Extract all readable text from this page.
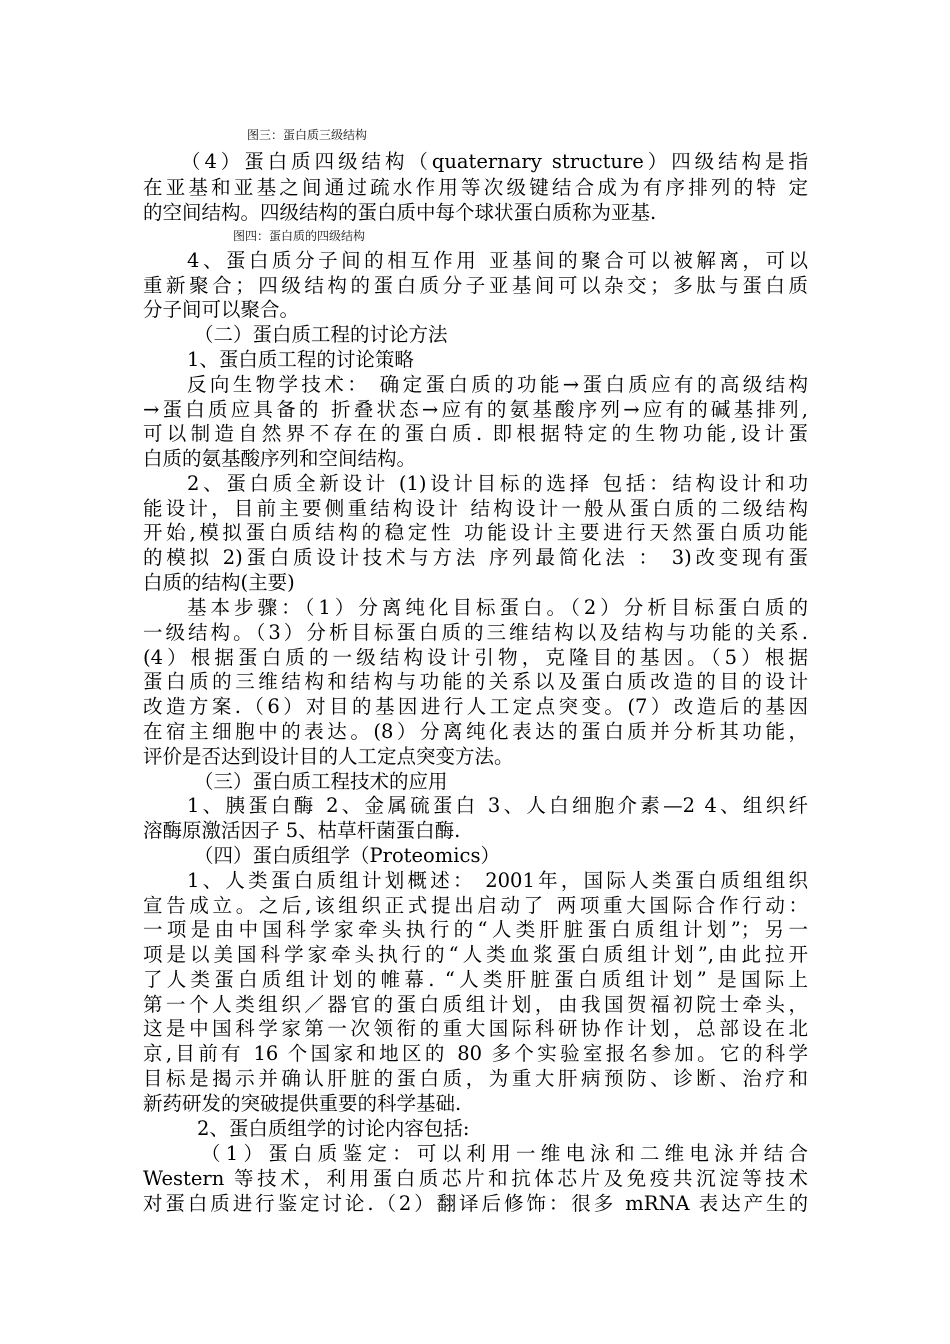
图三：蛋白质三级结构
图四：蛋白质的四级结构
（4）蛋白质四级结构（quaternary structure）四级结构是指
在亚基和亚基之间通过疏水作用等次级键结合成为有序排列的特 定
的空间结构。四级结构的蛋白质中每个球状蛋白质称为亚基.
4、蛋白质分子间的相互作用 亚基间的聚合可以被解离，可以
重新聚合；四级结构的蛋白质分子亚基间可以杂交；多肽与蛋白质
分子间可以聚合。
（二）蛋白质工程的讨论方法
1、蛋白质工程的讨论策略
反向生物学技术： 确定蛋白质的功能→蛋白质应有的高级结构
→蛋白质应具备的 折叠状态→应有的氨基酸序列→应有的碱基排列,
可以制造自然界不存在的蛋白质. 即根据特定的生物功能,设计蛋
白质的氨基酸序列和空间结构。
2、蛋白质全新设计 (1)设计目标的选择 包括：结构设计和功
能设计，目前主要侧重结构设计 结构设计一般从蛋白质的二级结构
开始,模拟蛋白质结构的稳定性 功能设计主要进行天然蛋白质功能
的模拟 2)蛋白质设计技术与方法 序列最简化法 ： 3)改变现有蛋
白质的结构(主要)
基本步骤：（1）分离纯化目标蛋白。（2）分析目标蛋白质的
一级结构。（3）分析目标蛋白质的三维结构以及结构与功能的关系.
(4）根据蛋白质的一级结构设计引物，克隆目的基因。（5）根据
蛋白质的三维结构和结构与功能的关系以及蛋白质改造的目的设计
改造方案.（6）对目的基因进行人工定点突变。(7）改造后的基因
在宿主细胞中的表达。(8）分离纯化表达的蛋白质并分析其功能，
评价是否达到设计目的人工定点突变方法。
（三）蛋白质工程技术的应用
1、胰蛋白酶 2、金属硫蛋白 3、人白细胞介素—2 4、组织纤
溶酶原激活因子 5、枯草杆菌蛋白酶.
（四）蛋白质组学（Proteomics）
1、人类蛋白质组计划概述： 2001年，国际人类蛋白质组组织
宣告成立。之后,该组织正式提出启动了 两项重大国际合作行动：
一项是由中国科学家牵头执行的“人类肝脏蛋白质组计划”；另一
项是以美国科学家牵头执行的“人类血浆蛋白质组计划”,由此拉开
了人类蛋白质组计划的帷幕. “人类肝脏蛋白质组计划” 是国际上
第一个人类组织／器官的蛋白质组计划，由我国贺福初院士牵头，
这是中国科学家第一次领衔的重大国际科研协作计划，总部设在北
京,目前有 16 个国家和地区的 80 多个实验室报名参加。它的科学
目标是揭示并确认肝脏的蛋白质，为重大肝病预防、诊断、治疗和
新药研发的突破提供重要的科学基础.
2、蛋白质组学的讨论内容包括:
（1）蛋白质鉴定：可以利用一维电泳和二维电泳并结合
Western 等技术，利用蛋白质芯片和抗体芯片及免疫共沉淀等技术
对蛋白质进行鉴定讨论.（2）翻译后修饰：很多 mRNA 表达产生的
